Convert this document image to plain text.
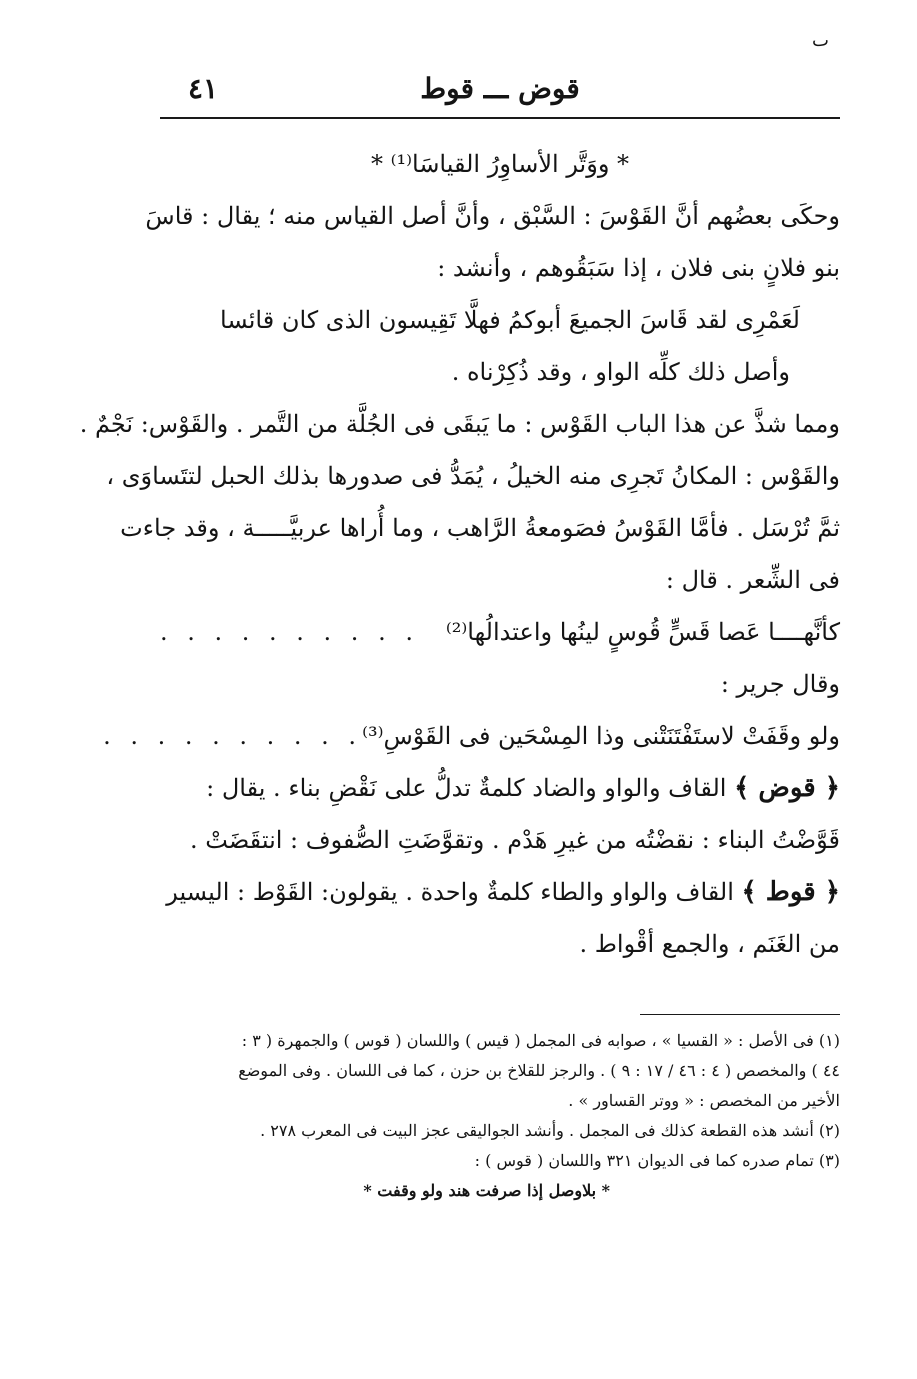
ٮ
قوض ـــ قوط
٤١
* ووَتَّر الأساوِرُ القياسَا⁽¹⁾ *
وحكَى بعضُهم أنَّ القَوْسَ : السَّبْق ، وأنَّ أصل القياس منه ؛ يقال : قاسَ
بنو فلانٍ بنى فلان ، إذا سَبَقُوهم ، وأنشد :
لَعَمْرِى لقد قَاسَ الجميعَ أبوكمُ
فهلَّا تَقِيسون الذى كان قائسا
وأصل ذلك كلِّه الواو ، وقد ذُكِرْناه .
ومما شذَّ عن هذا الباب القَوْس : ما يَبقَى فى الجُلَّة من التَّمر . والقَوْس: نَجْمٌ .
والقَوْس : المكانُ تَجرِى منه الخيلُ ، يُمَدُّ فى صدورها بذلك الحبل لتتَساوَى ،
ثمَّ تُرْسَل . فأمَّا القَوْسُ فصَومعةُ الرَّاهب ، وما أُراها عربيَّـــــة ، وقد جاءت
فى الشِّعر . قال :
كأنَّهــــا عَصا قَسٍّ قُوسٍ لينُها واعتدالُها⁽²⁾
. . . . . . . . . .
وقال جرير :
ولو وقَفَتْ لاستَفْتَنَتْنى وذا المِسْحَين فى القَوْسِ⁽³⁾
. . . . . . . . . .
﴿ قوض ﴾ القاف والواو والضاد كلمةٌ تدلُّ على نَقْضِ بناء . يقال :
قَوَّضْتُ البناء : نقضْتُه من غيرِ هَدْم . وتقوَّضَتِ الصُّفوف : انتقَضَتْ .
﴿ قوط ﴾ القاف والواو والطاء كلمةٌ واحدة . يقولون: القَوْط : اليسير
من الغَنَم ، والجمع أقْواط .
(١) فى الأصل : « القسيا » ، صوابه فى المجمل ( قيس ) واللسان ( قوس ) والجمهرة ( ٣ :
٤٤ ) والمخصص ( ٤ : ٤٦ / ١٧ : ٩ ) . والرجز للقلاخ بن حزن ، كما فى اللسان . وفى الموضع
الأخير من المخصص : « ووتر القساور » .
(٢) أنشد هذه القطعة كذلك فى المجمل . وأنشد الجواليقى عجز البيت فى المعرب ٢٧٨ .
(٣) تمام صدره كما فى الديوان ٣٢١ واللسان ( قوس ) :
* بلاوصل إذا صرفت هند ولو وقفت *
